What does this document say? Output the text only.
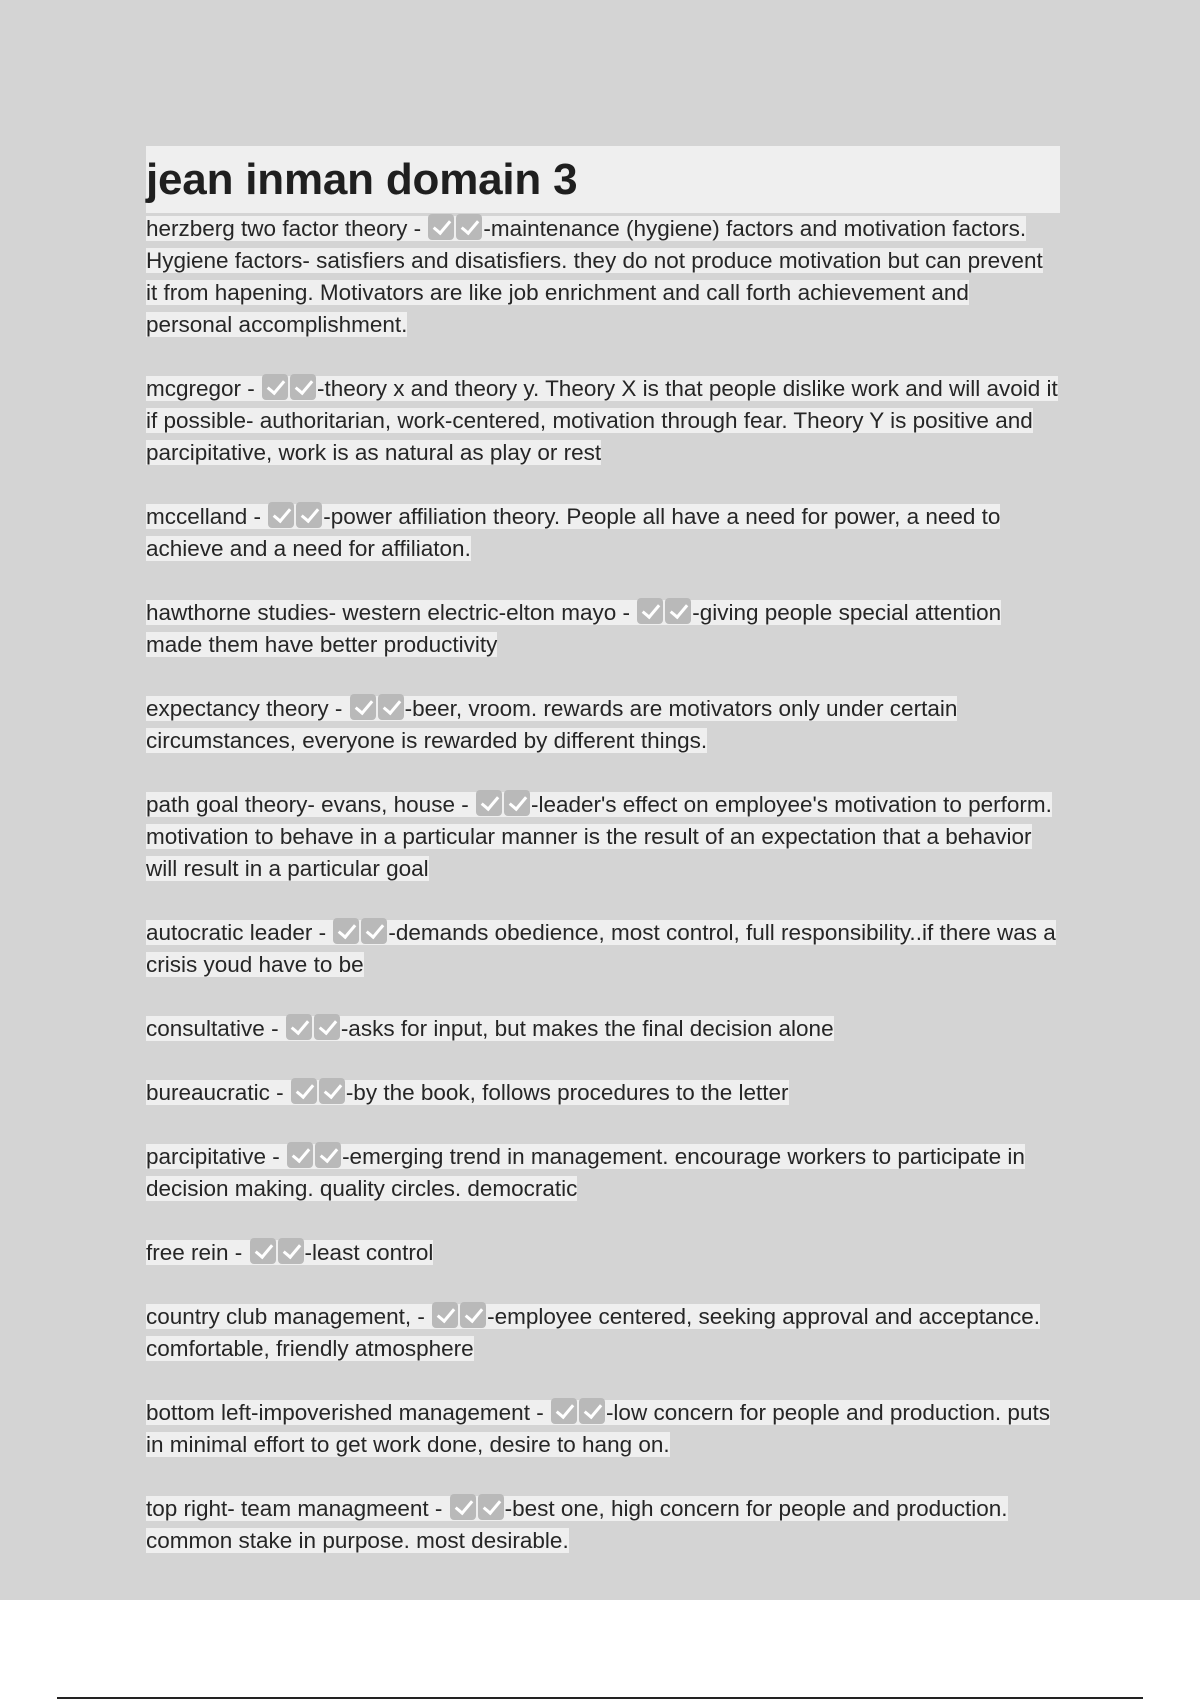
jean inman domain 3

herzberg two factor theory -
-maintenance (hygiene) factors and motivation factors. Hygiene factors- satisfiers and disatisfiers. they do not produce motivation but can prevent it from hapening. Motivators are like job enrichment and call forth achievement and personal accomplishment.

mcgregor -
-theory x and theory y. Theory X is that people dislike work and will avoid it if possible- authoritarian, work-centered, motivation through fear. Theory Y is positive and parcipitative, work is as natural as play or rest

mccelland -
-power affiliation theory. People all have a need for power, a need to achieve and a need for affiliaton.

hawthorne studies- western electric-elton mayo -
-giving people special attention made them have better productivity

expectancy theory -
-beer, vroom. rewards are motivators only under certain circumstances, everyone is rewarded by different things.

path goal theory- evans, house -
-leader's effect on employee's motivation to perform. motivation to behave in a particular manner is the result of an expectation that a behavior will result in a particular goal

autocratic leader -
-demands obedience, most control, full responsibility..if there was a crisis youd have to be

consultative -
-asks for input, but makes the final decision alone

bureaucratic -
-by the book, follows procedures to the letter

parcipitative -
-emerging trend in management. encourage workers to participate in decision making. quality circles. democratic

free rein -
-least control

country club management, -
-employee centered, seeking approval and acceptance. comfortable, friendly atmosphere

bottom left-impoverished management -
-low concern for people and production. puts in minimal effort to get work done, desire to hang on.

top right- team managmeent -
-best one, high concern for people and production. common stake in purpose. most desirable.
